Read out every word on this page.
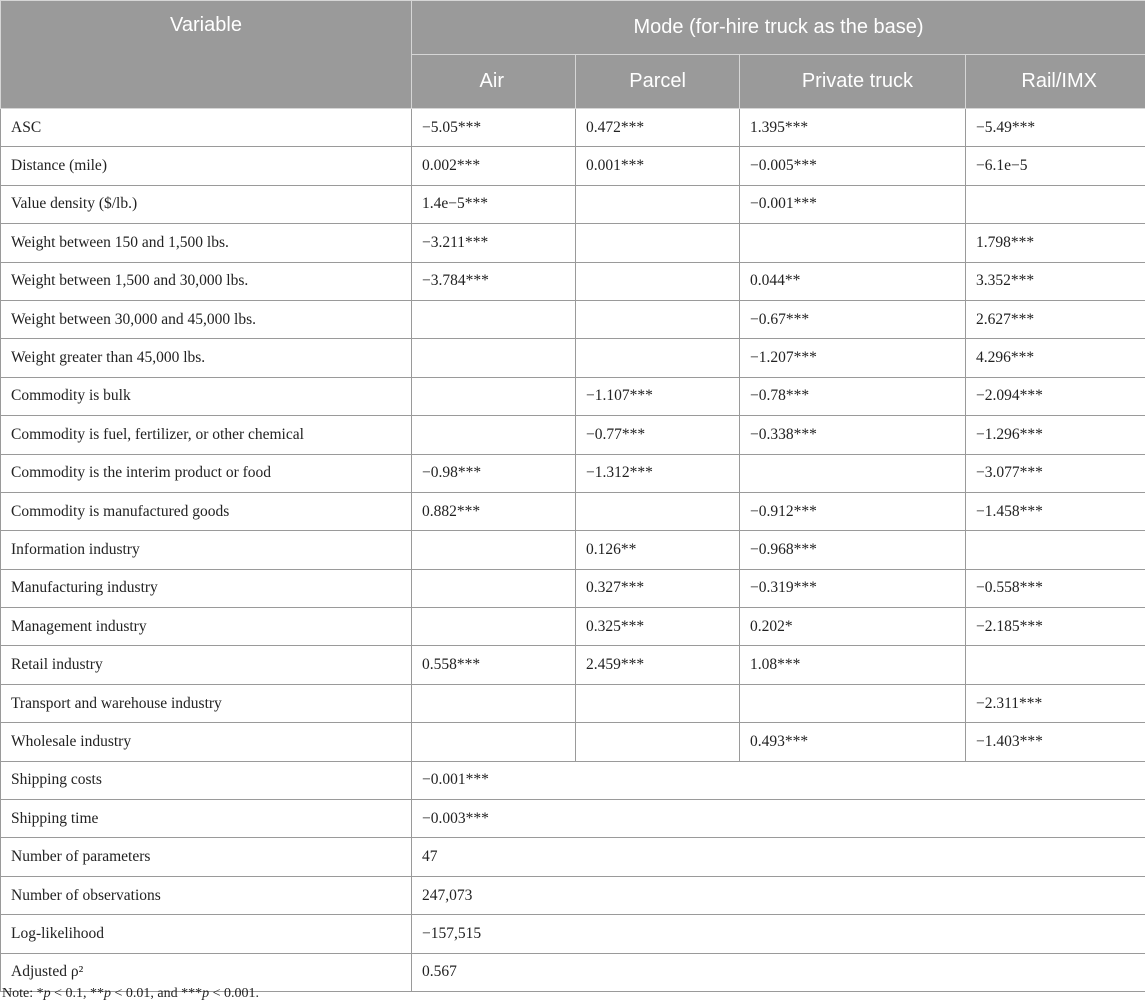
Variable	Mode (for-hire truck as the base)			
	Air	Parcel	Private truck	Rail/IMX
ASC	−5.05***	0.472***	1.395***	−5.49***
Distance (mile)	0.002***	0.001***	−0.005***	−6.1e−5
Value density ($/lb.)	1.4e−5***		−0.001***	
Weight between 150 and 1,500 lbs.	−3.211***			1.798***
Weight between 1,500 and 30,000 lbs.	−3.784***		0.044**	3.352***
Weight between 30,000 and 45,000 lbs.			−0.67***	2.627***
Weight greater than 45,000 lbs.			−1.207***	4.296***
Commodity is bulk		−1.107***	−0.78***	−2.094***
Commodity is fuel, fertilizer, or other chemical		−0.77***	−0.338***	−1.296***
Commodity is the interim product or food	−0.98***	−1.312***		−3.077***
Commodity is manufactured goods	0.882***		−0.912***	−1.458***
Information industry		0.126**	−0.968***	
Manufacturing industry		0.327***	−0.319***	−0.558***
Management industry		0.325***	0.202*	−2.185***
Retail industry	0.558***	2.459***	1.08***	
Transport and warehouse industry				−2.311***
Wholesale industry			0.493***	−1.403***
Shipping costs	−0.001***			
Shipping time	−0.003***			
Number of parameters	47			
Number of observations	247,073			
Log-likelihood	−157,515			
Adjusted ρ²	0.567			
Note: *p < 0.1, **p < 0.01, and ***p < 0.001.
